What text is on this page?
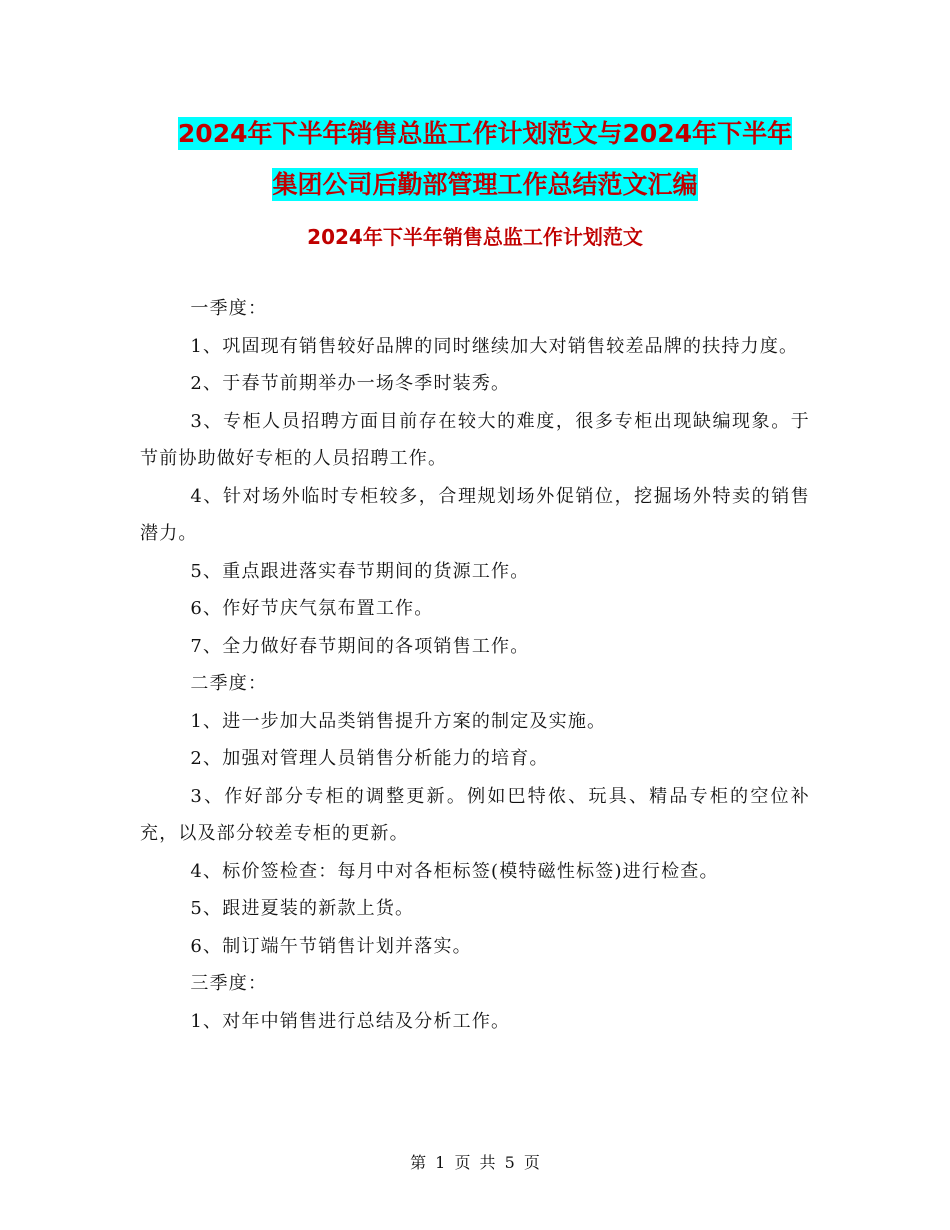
2024年下半年销售总监工作计划范文与2024年下半年
集团公司后勤部管理工作总结范文汇编
2024年下半年销售总监工作计划范文

一季度：

1、巩固现有销售较好品牌的同时继续加大对销售较差品牌的扶持力度。

2、于春节前期举办一场冬季时装秀。

3、专柜人员招聘方面目前存在较大的难度，很多专柜出现缺编现象。于节前协助做好专柜的人员招聘工作。

4、针对场外临时专柜较多，合理规划场外促销位，挖掘场外特卖的销售潜力。

5、重点跟进落实春节期间的货源工作。

6、作好节庆气氛布置工作。

7、全力做好春节期间的各项销售工作。

二季度：

1、进一步加大品类销售提升方案的制定及实施。

2、加强对管理人员销售分析能力的培育。

3、作好部分专柜的调整更新。例如巴特侬、玩具、精品专柜的空位补充，以及部分较差专柜的更新。

4、标价签检查：每月中对各柜标签(模特磁性标签)进行检查。

5、跟进夏装的新款上货。

6、制订端午节销售计划并落实。

三季度：

1、对年中销售进行总结及分析工作。

第 1 页 共 5 页
